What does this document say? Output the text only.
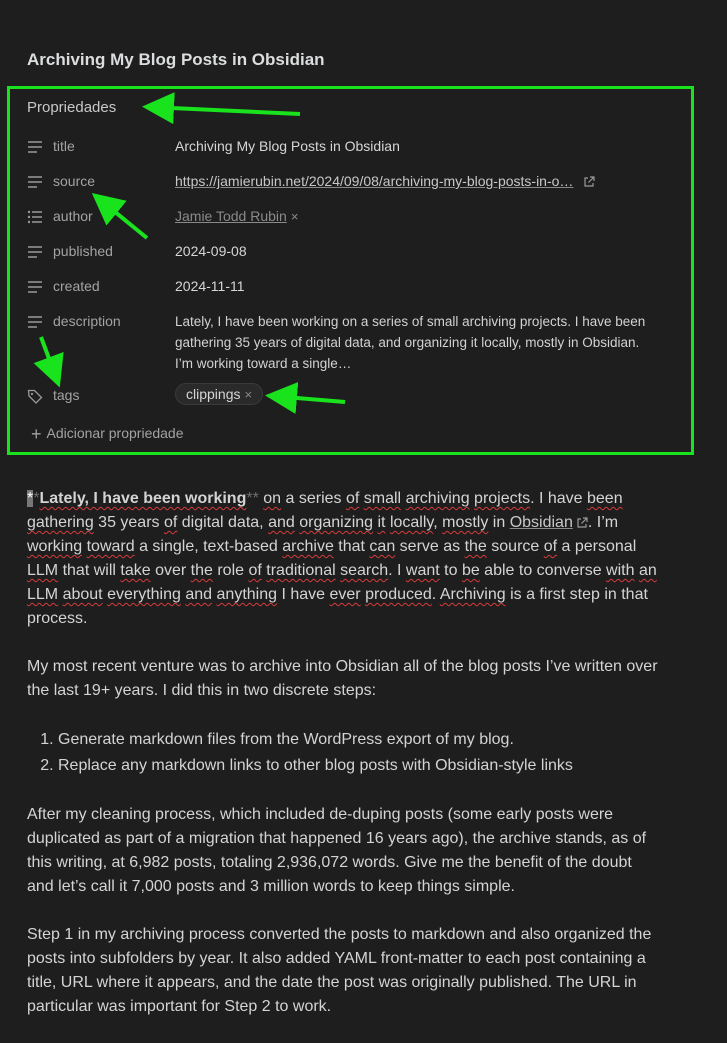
Archiving My Blog Posts in Obsidian
Propriedades
title	Archiving My Blog Posts in Obsidian
source	https://jamierubin.net/2024/09/08/archiving-my-blog-posts-in-o…
author	Jamie Todd Rubin ×
published	2024-09-08
created	2024-11-11
description	Lately, I have been working on a series of small archiving projects. I have been gathering 35 years of digital data, and organizing it locally, mostly in Obsidian. I’m working toward a single…
tags	clippings ×
+ Adicionar propriedade

**Lately, I have been working** on a series of small archiving projects. I have been gathering 35 years of digital data, and organizing it locally, mostly in Obsidian . I’m working toward a single, text-based archive that can serve as the source of a personal LLM that will take over the role of traditional search. I want to be able to converse with an LLM about everything and anything I have ever produced. Archiving is a first step in that process.

My most recent venture was to archive into Obsidian all of the blog posts I’ve written over the last 19+ years. I did this in two discrete steps:

1. Generate markdown files from the WordPress export of my blog.
2. Replace any markdown links to other blog posts with Obsidian-style links

After my cleaning process, which included de-duping posts (some early posts were duplicated as part of a migration that happened 16 years ago), the archive stands, as of this writing, at 6,982 posts, totaling 2,936,072 words. Give me the benefit of the doubt and let’s call it 7,000 posts and 3 million words to keep things simple.

Step 1 in my archiving process converted the posts to markdown and also organized the posts into subfolders by year. It also added YAML front-matter to each post containing a title, URL where it appears, and the date the post was originally published. The URL in particular was important for Step 2 to work.
